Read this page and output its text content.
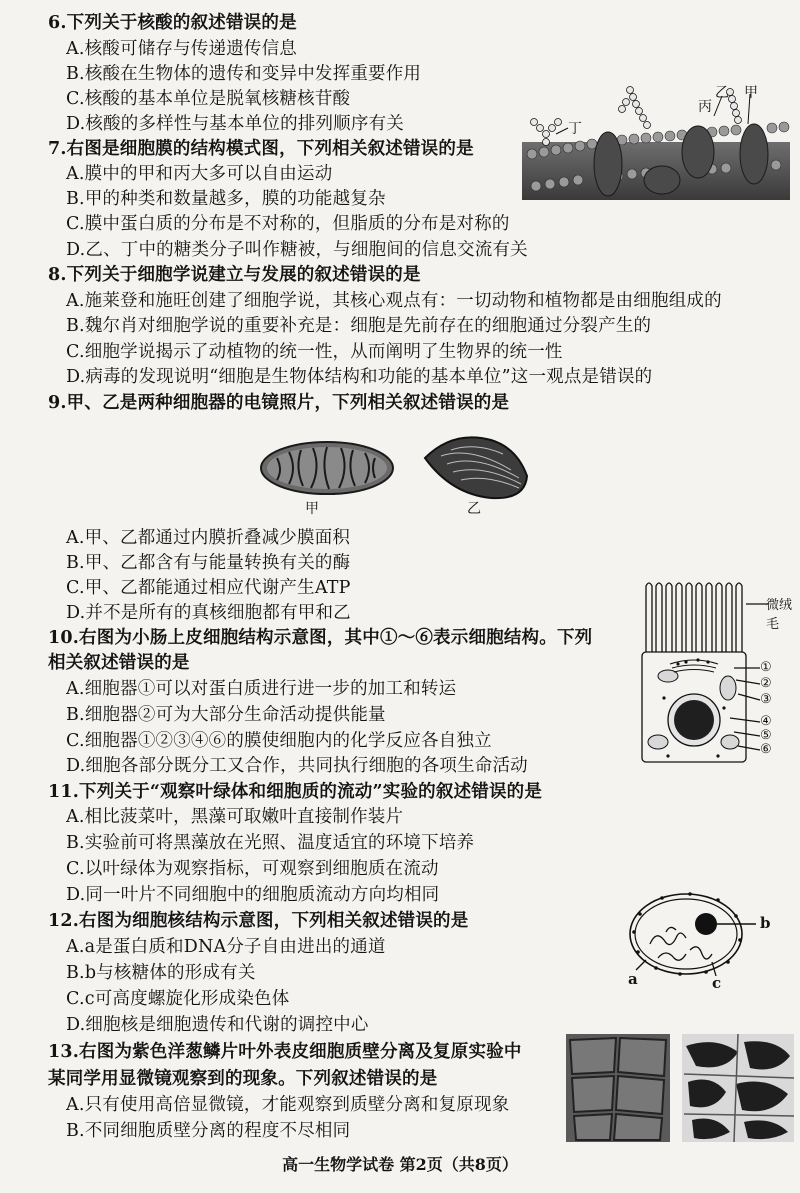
6.下列关于核酸的叙述错误的是
A.核酸可储存与传递遗传信息
B.核酸在生物体的遗传和变异中发挥重要作用
C.核酸的基本单位是脱氧核糖核苷酸
D.核酸的多样性与基本单位的排列顺序有关
7.右图是细胞膜的结构模式图，下列相关叙述错误的是
A.膜中的甲和丙大多可以自由运动
B.甲的种类和数量越多，膜的功能越复杂
C.膜中蛋白质的分布是不对称的，但脂质的分布是对称的
D.乙、丁中的糖类分子叫作糖被，与细胞间的信息交流有关
乙 甲
丙
丁
8.下列关于细胞学说建立与发展的叙述错误的是
A.施莱登和施旺创建了细胞学说，其核心观点有：一切动物和植物都是由细胞组成的
B.魏尔肖对细胞学说的重要补充是：细胞是先前存在的细胞通过分裂产生的
C.细胞学说揭示了动植物的统一性，从而阐明了生物界的统一性
D.病毒的发现说明“细胞是生物体结构和功能的基本单位”这一观点是错误的
9.甲、乙是两种细胞器的电镜照片，下列相关叙述错误的是
甲	乙
A.甲、乙都通过内膜折叠减少膜面积
B.甲、乙都含有与能量转换有关的酶
C.甲、乙都能通过相应代谢产生ATP
D.并不是所有的真核细胞都有甲和乙
10.右图为小肠上皮细胞结构示意图，其中①～⑥表示细胞结构。下列
相关叙述错误的是
A.细胞器①可以对蛋白质进行进一步的加工和转运
B.细胞器②可为大部分生命活动提供能量
C.细胞器①②③④⑥的膜使细胞内的化学反应各自独立
D.细胞各部分既分工又合作，共同执行细胞的各项生命活动
微绒毛
①
②
③
④
⑤
⑥
11.下列关于“观察叶绿体和细胞质的流动”实验的叙述错误的是
A.相比菠菜叶，黑藻可取嫩叶直接制作装片
B.实验前可将黑藻放在光照、温度适宜的环境下培养
C.以叶绿体为观察指标，可观察到细胞质在流动
D.同一叶片不同细胞中的细胞质流动方向均相同
12.右图为细胞核结构示意图，下列相关叙述错误的是
A.a是蛋白质和DNA分子自由进出的通道
B.b与核糖体的形成有关
C.c可高度螺旋化形成染色体
D.细胞核是细胞遗传和代谢的调控中心
b
a	c
13.右图为紫色洋葱鳞片叶外表皮细胞质壁分离及复原实验中
某同学用显微镜观察到的现象。下列叙述错误的是
A.只有使用高倍显微镜，才能观察到质壁分离和复原现象
B.不同细胞质壁分离的程度不尽相同
高一生物学试卷 第2页（共8页）
